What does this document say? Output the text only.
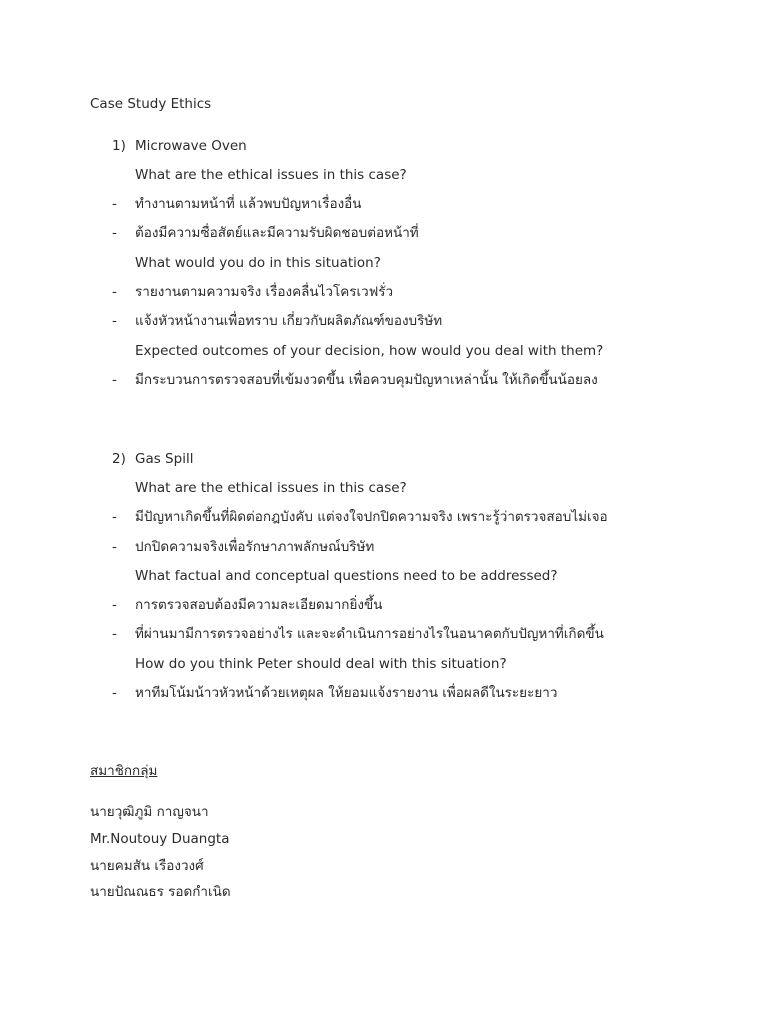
Case Study Ethics
1) Microwave Oven
What are the ethical issues in this case?
- ทำงานตามหน้าที่ แล้วพบปัญหาเรื่องอื่น
- ต้องมีความซื่อสัตย์และมีความรับผิดชอบต่อหน้าที่
What would you do in this situation?
- รายงานตามความจริง เรื่องคลื่นไวโครเวฟรั่ว
- แจ้งหัวหน้างานเพื่อทราบ เกี่ยวกับผลิตภัณฑ์ของบริษัท
Expected outcomes of your decision, how would you deal with them?
- มีกระบวนการตรวจสอบที่เข้มงวดขึ้น เพื่อควบคุมปัญหาเหล่านั้น ให้เกิดขึ้นน้อยลง
2) Gas Spill
What are the ethical issues in this case?
- มีปัญหาเกิดขึ้นที่ผิดต่อกฎบังคับ แต่จงใจปกปิดความจริง เพราะรู้ว่าตรวจสอบไม่เจอ
- ปกปิดความจริงเพื่อรักษาภาพลักษณ์บริษัท
What factual and conceptual questions need to be addressed?
- การตรวจสอบต้องมีความละเอียดมากยิ่งขึ้น
- ที่ผ่านมามีการตรวจอย่างไร และจะดำเนินการอย่างไรในอนาคตกับปัญหาที่เกิดขึ้น
How do you think Peter should deal with this situation?
- หาทีมโน้มน้าวหัวหน้าด้วยเหตุผล ให้ยอมแจ้งรายงาน เพื่อผลดีในระยะยาว
สมาชิกกลุ่ม
นายวุฒิภูมิ กาญจนา
Mr.Noutouy Duangta
นายคมสัน เรืองวงศ์
นายปัณณธร รอดกำเนิด
